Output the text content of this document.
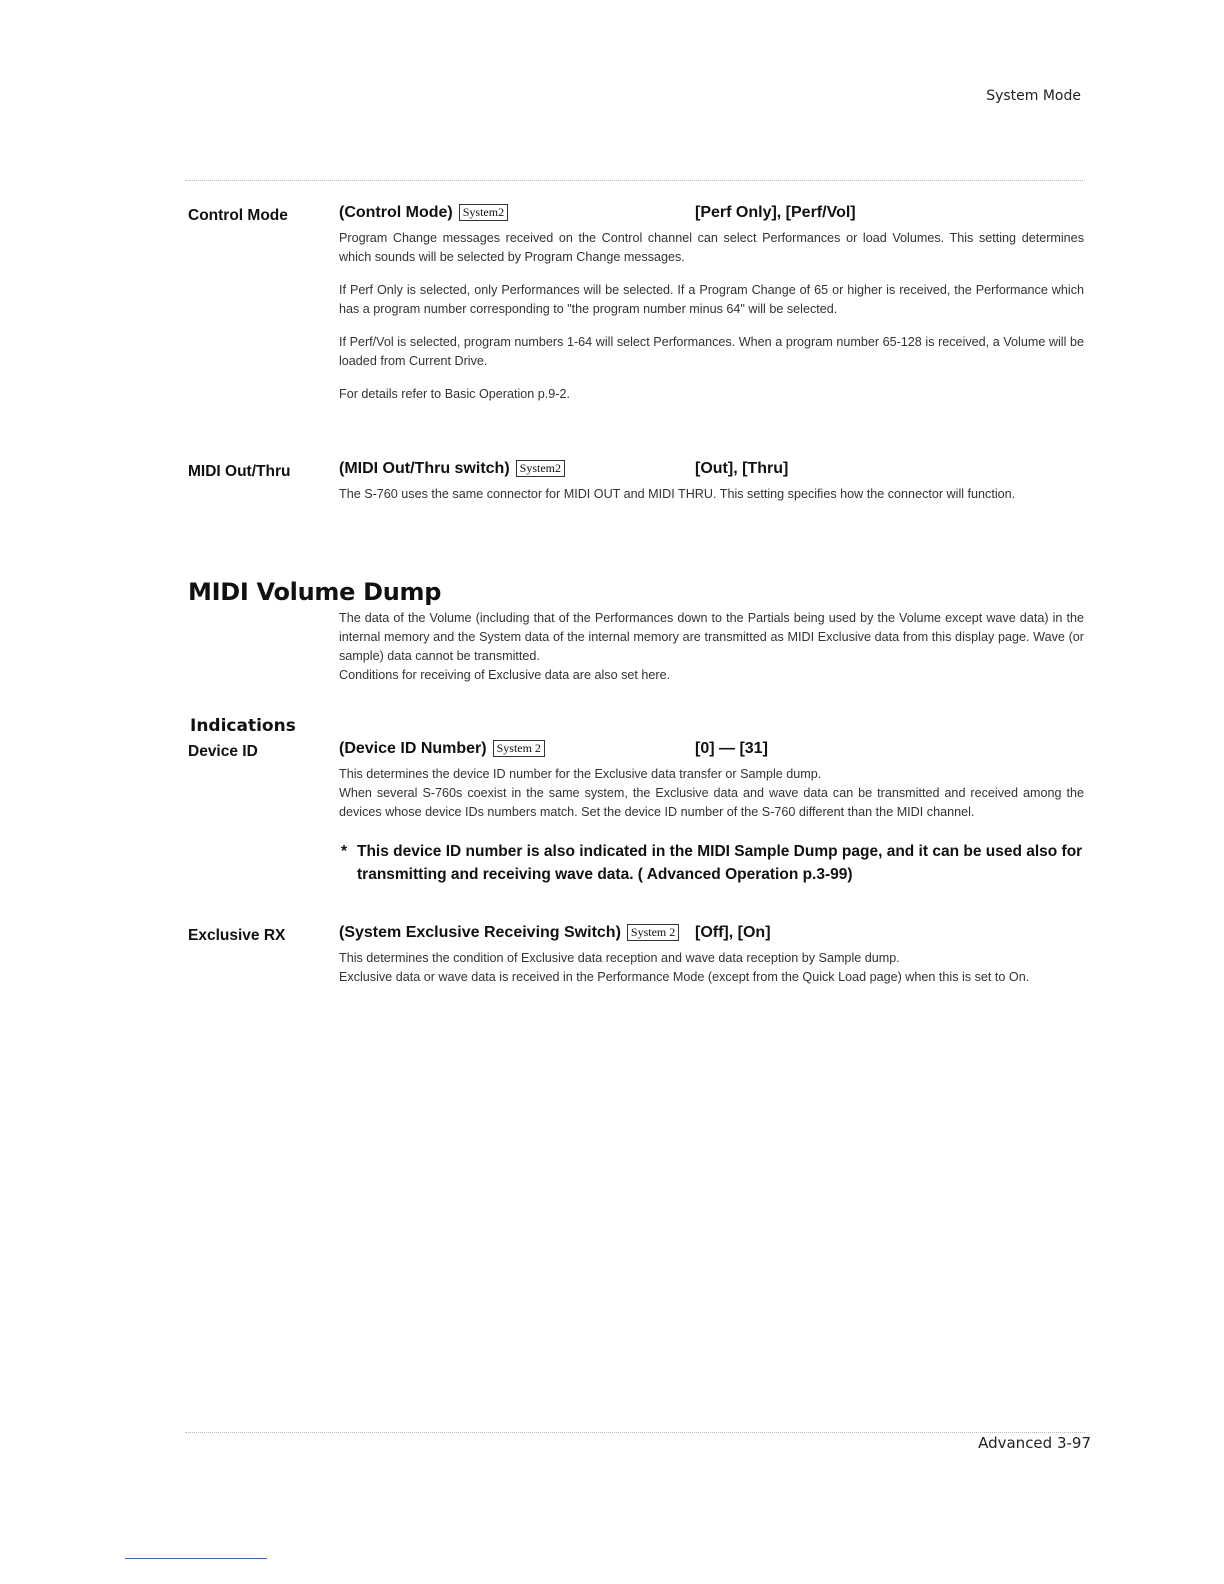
System Mode
Control Mode	(Control Mode) System2	[Perf Only], [Perf/Vol]

Program Change messages received on the Control channel can select Performances or load Volumes. This setting determines which sounds will be selected by Program Change messages.

If Perf Only is selected, only Performances will be selected. If a Program Change of 65 or higher is received, the Performance which has a program number corresponding to "the program number minus 64" will be selected.

If Perf/Vol is selected, program numbers 1-64 will select Performances. When a program number 65-128 is received, a Volume will be loaded from Current Drive.

For details refer to Basic Operation p.9-2.

MIDI Out/Thru	(MIDI Out/Thru switch) System2	[Out], [Thru]

The S-760 uses the same connector for MIDI OUT and MIDI THRU. This setting specifies how the connector will function.

MIDI Volume Dump

The data of the Volume (including that of the Performances down to the Partials being used by the Volume except wave data) in the internal memory and the System data of the internal memory are transmitted as MIDI Exclusive data from this display page. Wave (or sample) data cannot be transmitted.

Conditions for receiving of Exclusive data are also set here.

Indications
Device ID	(Device ID Number) System 2	[0] — [31]

This determines the device ID number for the Exclusive data transfer or Sample dump.

When several S-760s coexist in the same system, the Exclusive data and wave data can be transmitted and received among the devices whose device IDs numbers match. Set the device ID number of the S-760 different than the MIDI channel.

* This device ID number is also indicated in the MIDI Sample Dump page, and it can be used also for transmitting and receiving wave data. ( Advanced Operation p.3-99)
Exclusive RX	(System Exclusive Receiving Switch) System 2 [Off], [On]

This determines the condition of Exclusive data reception and wave data reception by Sample dump.

Exclusive data or wave data is received in the Performance Mode (except from the Quick Load page) when this is set to On.

Advanced 3-97
